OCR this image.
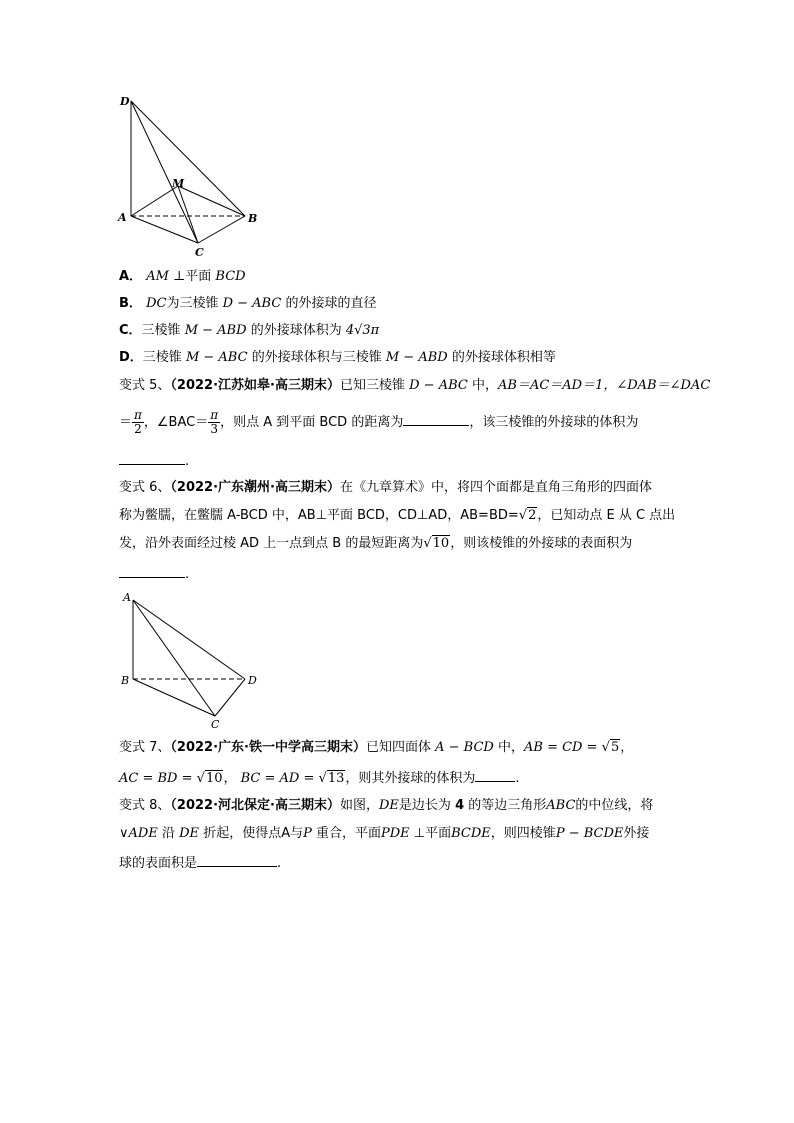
D
M
A	B
C
A． AM ⊥平面 BCD
B． DC为三棱锥 D − ABC 的外接球的直径
C．三棱锥 M − ABD 的外接球体积为 4√3π
D．三棱锥 M − ABC 的外接球体积与三棱锥 M − ABD 的外接球体积相等
变式 5、（2022·江苏如皋·高三期末）已知三棱锥 D − ABC 中，AB＝AC＝AD＝1，∠DAB＝∠DAC
＝ $\frac{\pi}{2}$ ，∠BAC＝ $\frac{\pi}{3}$ ，则点 A 到平面 BCD 的距离为	，该三棱锥的外接球的体积为
.
变式 6、（2022·广东潮州·高三期末）在《九章算术》中，将四个面都是直角三角形的四面体
称为鳖臑，在鳖臑 A-BCD 中，AB⊥平面 BCD，CD⊥AD，AB=BD=√2，已知动点 E 从 C 点出
发，沿外表面经过棱 AD 上一点到点 B 的最短距离为√10，则该棱锥的外接球的表面积为
.
A
B	D
C
变式 7、（2022·广东·铁一中学高三期末）已知四面体 A − BCD 中，AB = CD = √5，
AC = BD = √10， BC = AD = √13，则其外接球的体积为	.
变式 8、（2022·河北保定·高三期末）如图，DE是边长为 4 的等边三角形ABC的中位线，将
∨ADE 沿 DE 折起，使得点A与P 重合，平面PDE ⊥平面BCDE，则四棱锥P − BCDE外接
球的表面积是	.
